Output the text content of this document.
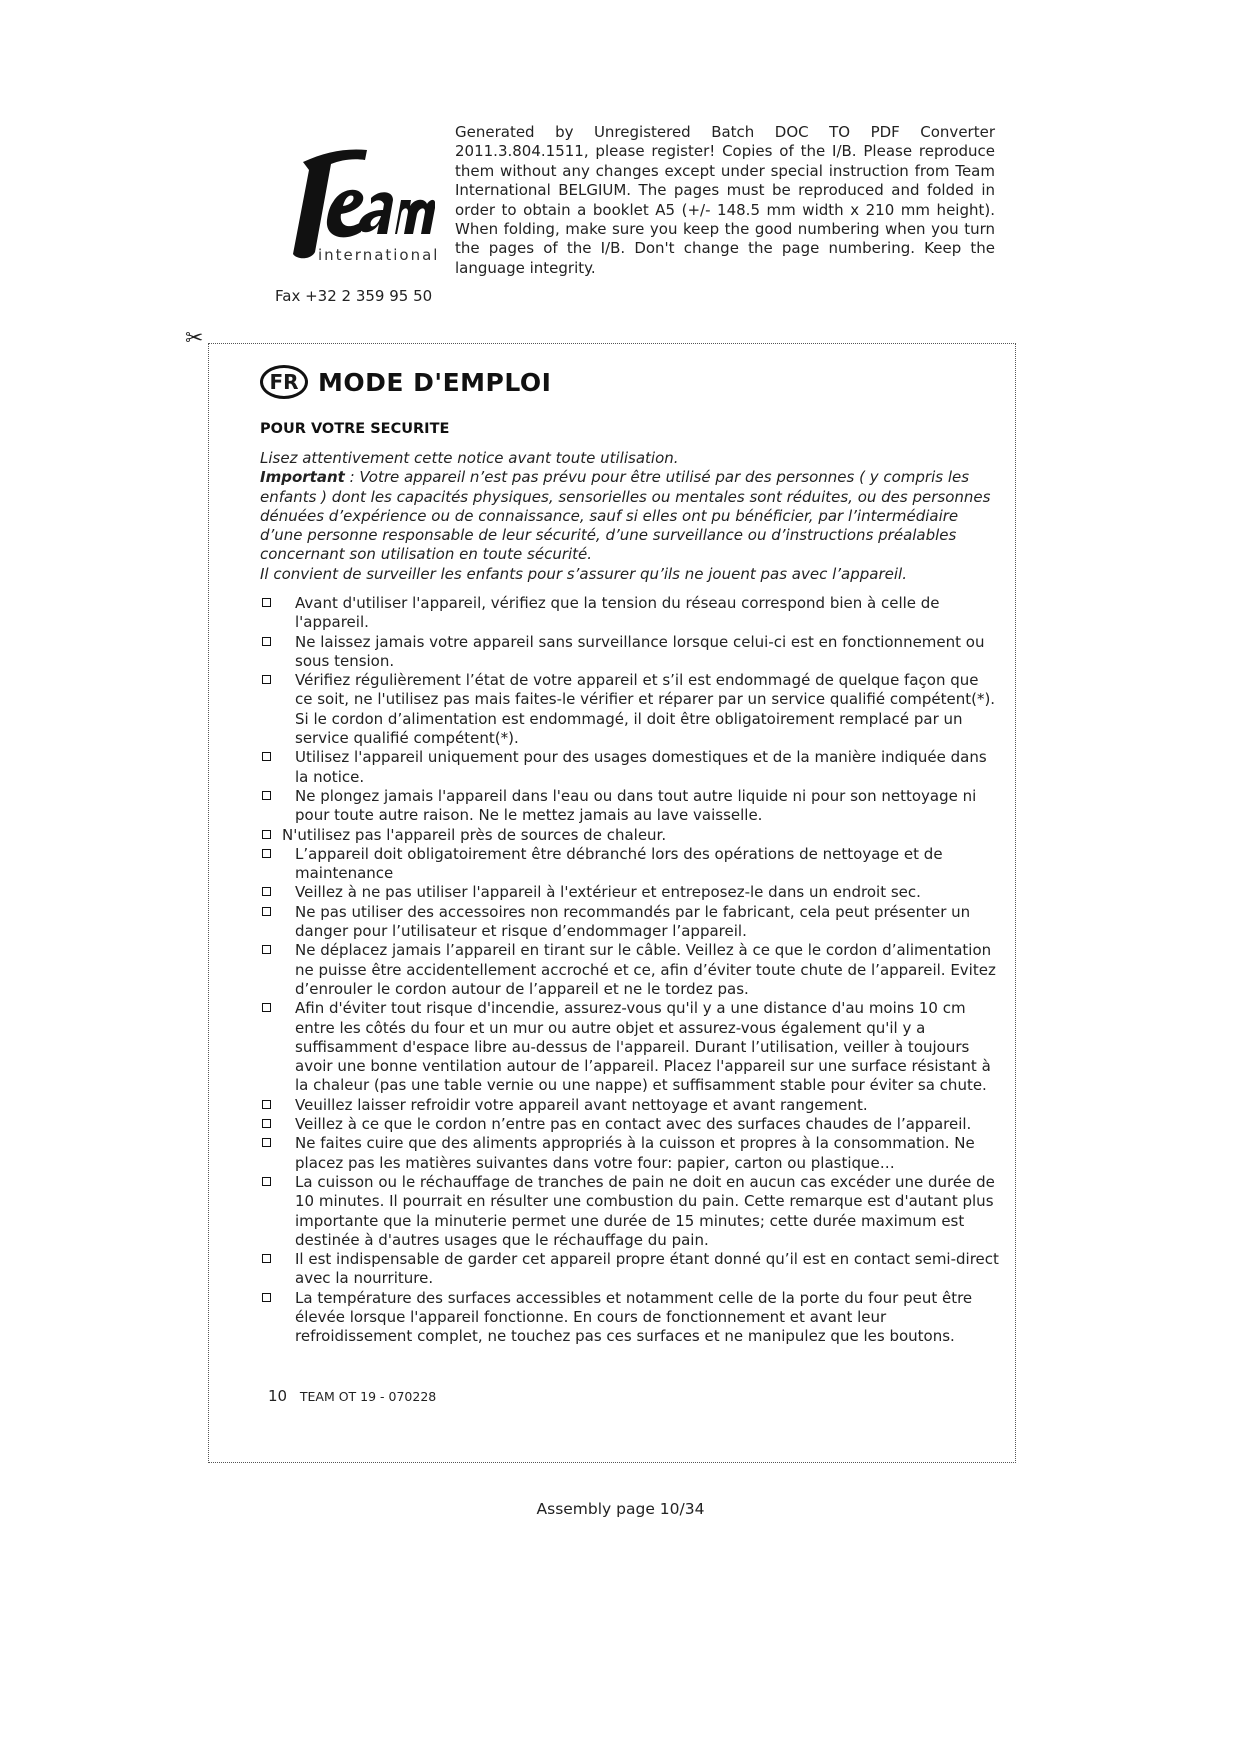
international
Fax +32 2 359 95 50
Generated by Unregistered Batch DOC TO PDF Converter 2011.3.804.1511, please register! Copies of the I/B. Please reproduce them without any changes except under special instruction from Team International BELGIUM. The pages must be reproduced and folded in order to obtain a booklet A5 (+/- 148.5 mm width x 210 mm height). When folding, make sure you keep the good numbering when you turn the pages of the I/B. Don't change the page numbering. Keep the language integrity.
✂
FR MODE D'EMPLOI
POUR VOTRE SECURITE

Lisez attentivement cette notice avant toute utilisation.

Important : Votre appareil n’est pas prévu pour être utilisé par des personnes ( y compris les enfants ) dont les capacités physiques, sensorielles ou mentales sont réduites, ou des personnes dénuées d’expérience ou de connaissance, sauf si elles ont pu bénéficier, par l’intermédiaire d’une personne responsable de leur sécurité, d’une surveillance ou d’instructions préalables concernant son utilisation en toute sécurité.

Il convient de surveiller les enfants pour s’assurer qu’ils ne jouent pas avec l’appareil.

Avant d'utiliser l'appareil, vérifiez que la tension du réseau correspond bien à celle de l'appareil.
Ne laissez jamais votre appareil sans surveillance lorsque celui-ci est en fonctionnement ou sous tension.
Vérifiez régulièrement l’état de votre appareil et s’il est endommagé de quelque façon que ce soit, ne l'utilisez pas mais faites-le vérifier et réparer par un service qualifié compétent(*). Si le cordon d’alimentation est endommagé, il doit être obligatoirement remplacé par un service qualifié compétent(*).
Utilisez l'appareil uniquement pour des usages domestiques et de la manière indiquée dans la notice.
Ne plongez jamais l'appareil dans l'eau ou dans tout autre liquide ni pour son nettoyage ni pour toute autre raison. Ne le mettez jamais au lave vaisselle.
N'utilisez pas l'appareil près de sources de chaleur.
L’appareil doit obligatoirement être débranché lors des opérations de nettoyage et de maintenance
Veillez à ne pas utiliser l'appareil à l'extérieur et entreposez-le dans un endroit sec.
Ne pas utiliser des accessoires non recommandés par le fabricant, cela peut présenter un danger pour l’utilisateur et risque d’endommager l’appareil.
Ne déplacez jamais l’appareil en tirant sur le câble. Veillez à ce que le cordon d’alimentation ne puisse être accidentellement accroché et ce, afin d’éviter toute chute de l’appareil. Evitez d’enrouler le cordon autour de l’appareil et ne le tordez pas.
Afin d'éviter tout risque d'incendie, assurez-vous qu'il y a une distance d'au moins 10 cm entre les côtés du four et un mur ou autre objet et assurez-vous également qu'il y a suffisamment d'espace libre au-dessus de l'appareil. Durant l’utilisation, veiller à toujours avoir une bonne ventilation autour de l’appareil. Placez l'appareil sur une surface résistant à la chaleur (pas une table vernie ou une nappe) et suffisamment stable pour éviter sa chute.
Veuillez laisser refroidir votre appareil avant nettoyage et avant rangement.
Veillez à ce que le cordon n’entre pas en contact avec des surfaces chaudes de l’appareil.
Ne faites cuire que des aliments appropriés à la cuisson et propres à la consommation. Ne placez pas les matières suivantes dans votre four: papier, carton ou plastique…
La cuisson ou le réchauffage de tranches de pain ne doit en aucun cas excéder une durée de 10 minutes. Il pourrait en résulter une combustion du pain. Cette remarque est d'autant plus importante que la minuterie permet une durée de 15 minutes; cette durée maximum est destinée à d'autres usages que le réchauffage du pain.
Il est indispensable de garder cet appareil propre étant donné qu’il est en contact semi-direct avec la nourriture.
La température des surfaces accessibles et notamment celle de la porte du four peut être élevée lorsque l'appareil fonctionne. En cours de fonctionnement et avant leur refroidissement complet, ne touchez pas ces surfaces et ne manipulez que les boutons.
10 TEAM OT 19 - 070228
Assembly page 10/34
